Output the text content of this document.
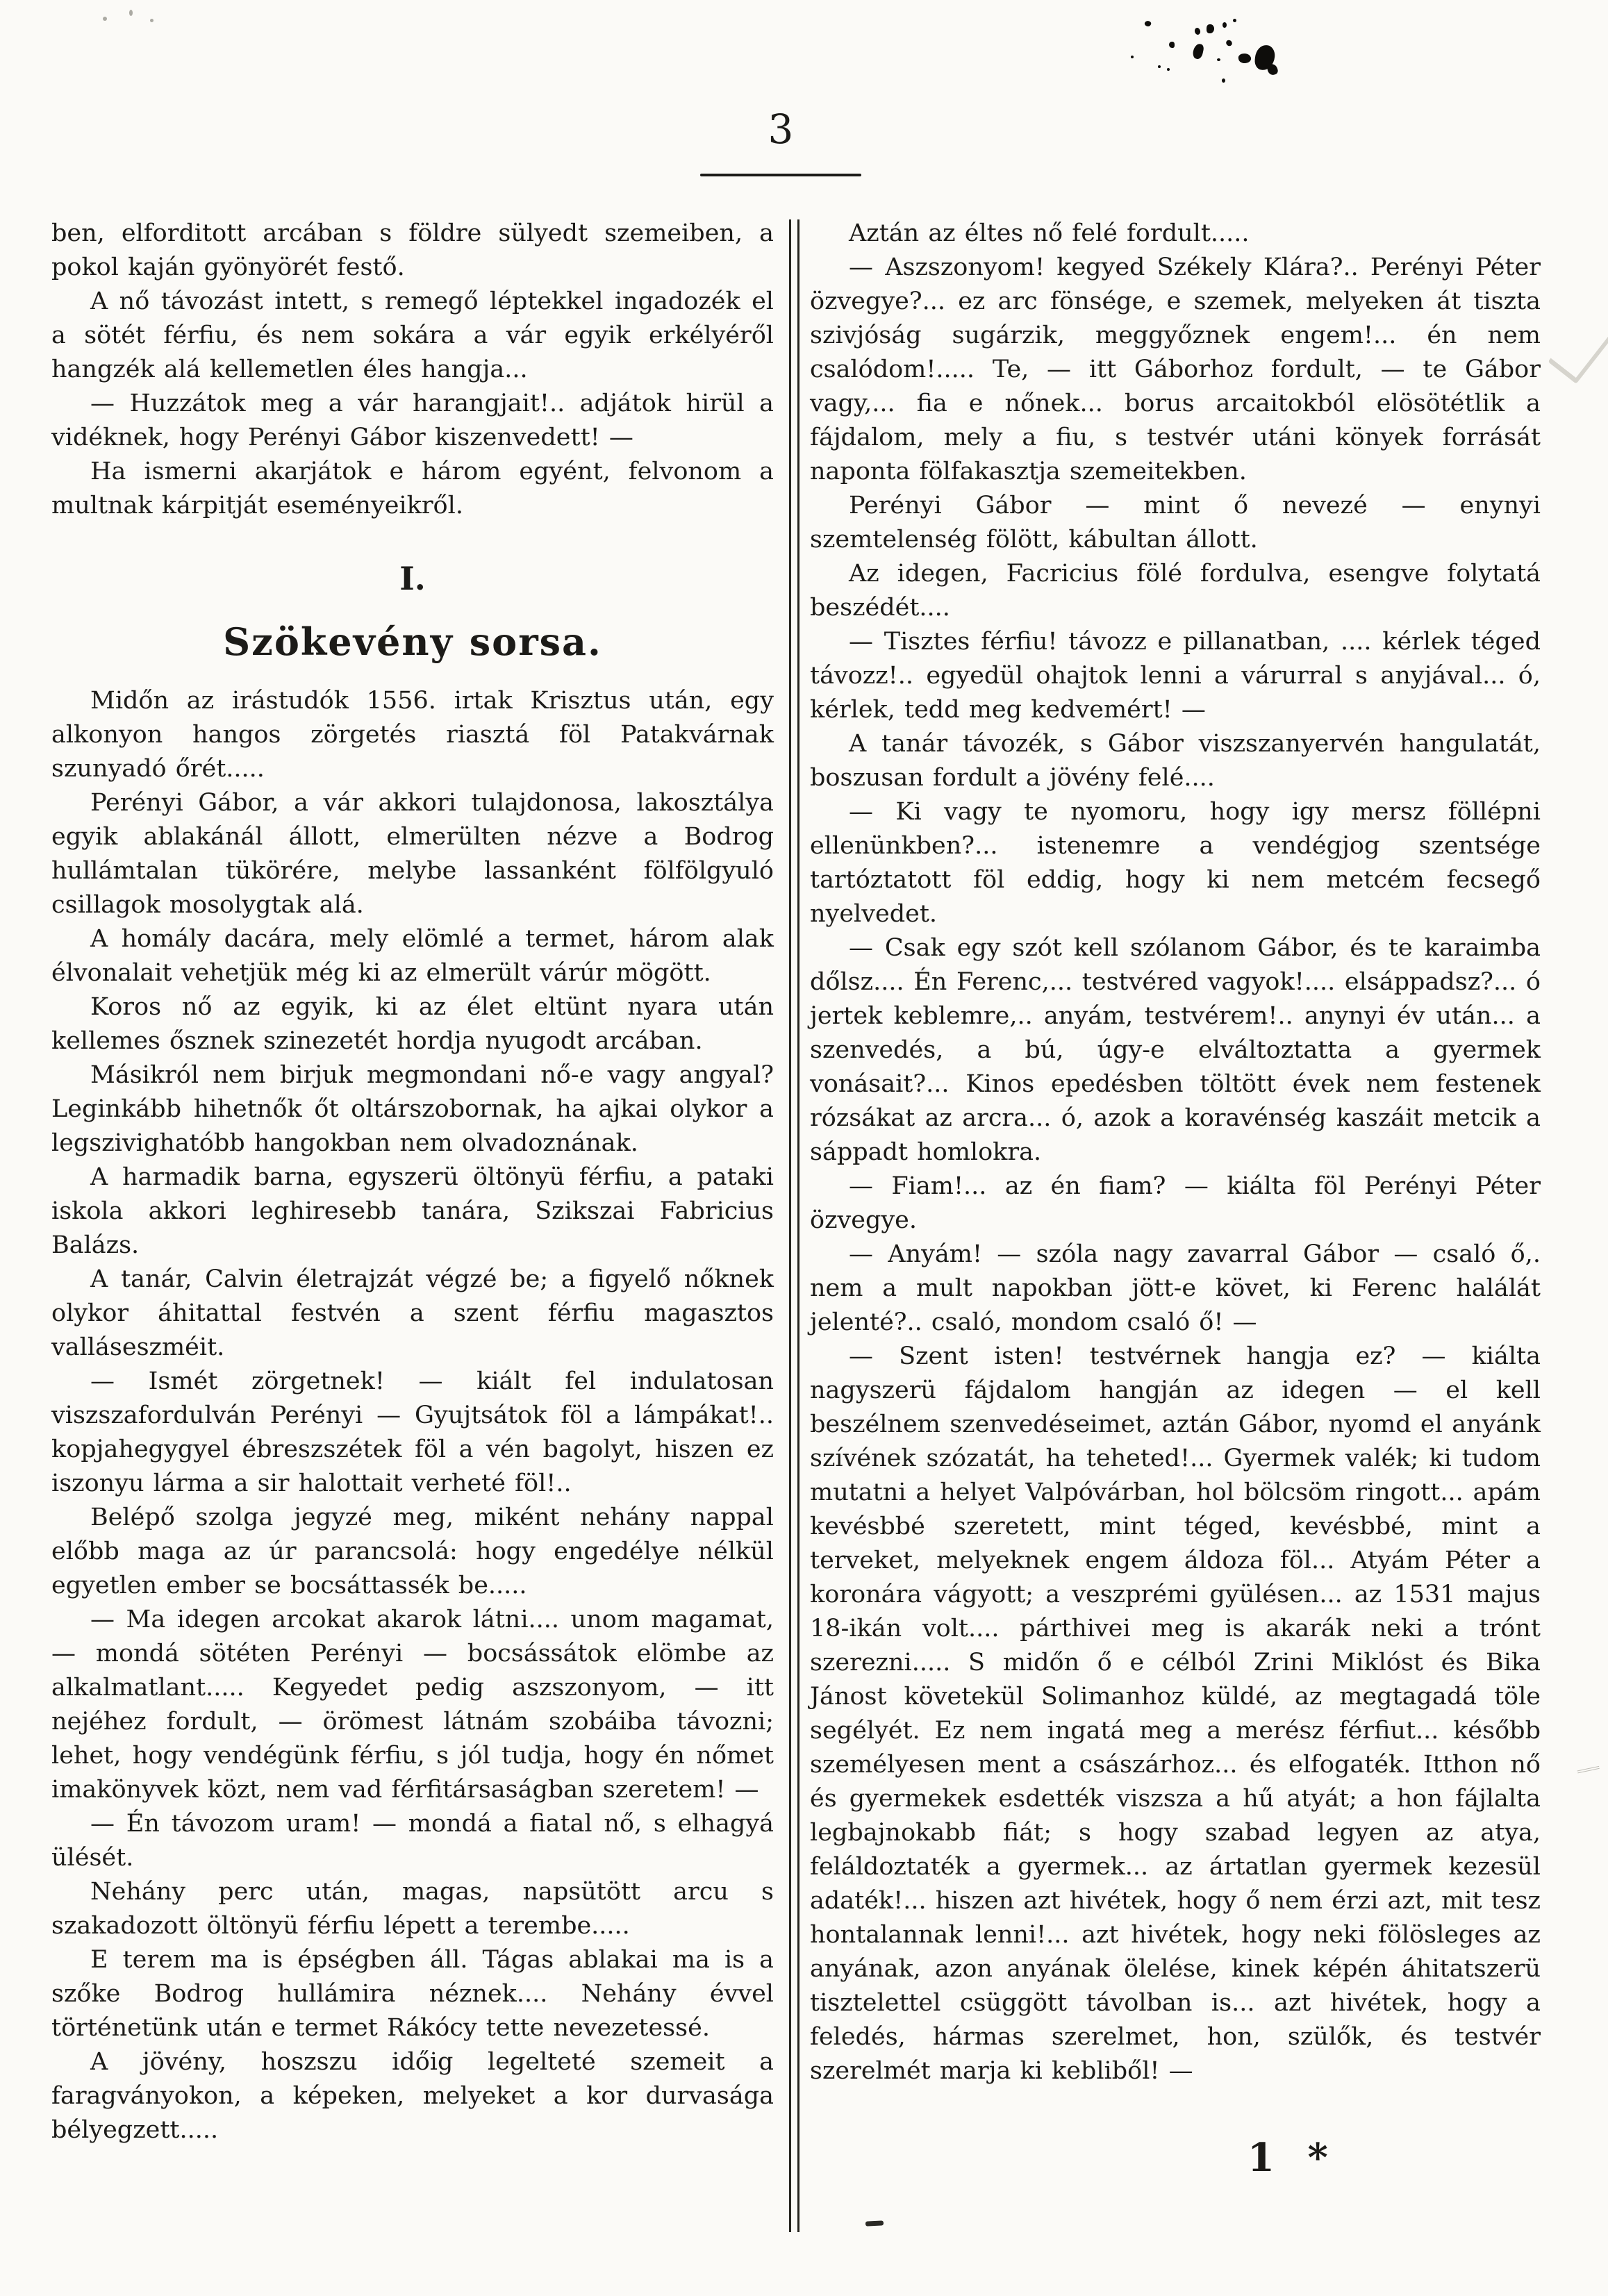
3

ben, elforditott arcában s földre sülyedt szemeiben, a pokol kaján gyönyörét festő.

A nő távozást intett, s remegő léptekkel ingadozék el a sötét férfiu, és nem sokára a vár egyik erkélyéről hangzék alá kellemetlen éles hangja...

— Huzzátok meg a vár harangjait!.. adjátok hirül a vidéknek, hogy Perényi Gábor kiszenvedett! —

Ha ismerni akarjátok e három egyént, felvonom a multnak kárpitját eseményeikről.

I.
Szökevény sorsa.

Midőn az irástudók 1556. irtak Krisztus után, egy alkonyon hangos zörgetés riasztá föl Patakvárnak szunyadó őrét.....

Perényi Gábor, a vár akkori tulajdonosa, lakosztálya egyik ablakánál állott, elmerülten nézve a Bodrog hullámtalan tükörére, melybe lassanként fölfölgyuló csillagok mosolygtak alá.

A homály dacára, mely elömlé a termet, három alak élvonalait vehetjük még ki az elmerült várúr mögött.

Koros nő az egyik, ki az élet eltünt nyara után kellemes ősznek szinezetét hordja nyugodt arcában.

Másikról nem birjuk megmondani nő-e vagy angyal? Leginkább hihetnők őt oltárszobornak, ha ajkai olykor a legszivighatóbb hangokban nem olvadoznának.

A harmadik barna, egyszerü öltönyü férfiu, a pataki iskola akkori leghiresebb tanára, Szikszai Fabricius Balázs.

A tanár, Calvin életrajzát végzé be; a figyelő nőknek olykor áhitattal festvén a szent férfiu magasztos valláseszméit.

— Ismét zörgetnek! — kiált fel indulatosan viszszafordulván Perényi — Gyujtsátok föl a lámpákat!.. kopjahegygyel ébreszszétek föl a vén bagolyt, hiszen ez iszonyu lárma a sir halottait verheté föl!..

Belépő szolga jegyzé meg, miként nehány nappal előbb maga az úr parancsolá: hogy engedélye nélkül egyetlen ember se bocsáttassék be.....

— Ma idegen arcokat akarok látni.... unom magamat, — mondá sötéten Perényi — bocsássátok elömbe az alkalmatlant..... Kegyedet pedig aszszonyom, — itt nejéhez fordult, — örömest látnám szobáiba távozni; lehet, hogy vendégünk férfiu, s jól tudja, hogy én nőmet imakönyvek közt, nem vad férfitársaságban szeretem! —

— Én távozom uram! — mondá a fiatal nő, s elhagyá ülését.

Nehány perc után, magas, napsütött arcu s szakadozott öltönyü férfiu lépett a terembe.....

E terem ma is épségben áll. Tágas ablakai ma is a szőke Bodrog hullámira néznek.... Nehány évvel történetünk után e termet Rákócy tette nevezetessé.

A jövény, hoszszu időig legelteté szemeit a faragványokon, a képeken, melyeket a kor durvasága bélyegzett.....

Aztán az éltes nő felé fordult.....

— Aszszonyom! kegyed Székely Klára?.. Perényi Péter özvegye?... ez arc fönsége, e szemek, melyeken át tiszta szivjóság sugárzik, meggyőznek engem!... én nem csalódom!..... Te, — itt Gáborhoz fordult, — te Gábor vagy,... fia e nőnek... borus arcaitokból elösötétlik a fájdalom, mely a fiu, s testvér utáni könyek forrását naponta fölfakasztja szemeitekben.

Perényi Gábor — mint ő nevezé — enynyi szemtelenség fölött, kábultan állott.

Az idegen, Facricius fölé fordulva, esengve folytatá beszédét....

— Tisztes férfiu! távozz e pillanatban, .... kérlek téged távozz!.. egyedül ohajtok lenni a várurral s anyjával... ó, kérlek, tedd meg kedvemért! —

A tanár távozék, s Gábor viszszanyervén hangulatát, boszusan fordult a jövény felé....

— Ki vagy te nyomoru, hogy igy mersz föllépni ellenünkben?... istenemre a vendégjog szentsége tartóztatott föl eddig, hogy ki nem metcém fecsegő nyelvedet.

— Csak egy szót kell szólanom Gábor, és te karaimba dőlsz.... Én Ferenc,... testvéred vagyok!.... elsáppadsz?... ó jertek keblemre,.. anyám, testvérem!.. anynyi év után... a szenvedés, a bú, úgy-e elváltoztatta a gyermek vonásait?... Kinos epedésben töltött évek nem festenek rózsákat az arcra... ó, azok a koravénség kaszáit metcik a sáppadt homlokra.

— Fiam!... az én fiam? — kiálta föl Perényi Péter özvegye.

— Anyám! — szóla nagy zavarral Gábor — csaló ő,. nem a mult napokban jött-e követ, ki Ferenc halálát jelenté?.. csaló, mondom csaló ő! —

— Szent isten! testvérnek hangja ez? — kiálta nagyszerü fájdalom hangján az idegen — el kell beszélnem szenvedéseimet, aztán Gábor, nyomd el anyánk szívének szózatát, ha teheted!... Gyermek valék; ki tudom mutatni a helyet Valpóvárban, hol bölcsöm ringott... apám kevésbbé szeretett, mint téged, kevésbbé, mint a terveket, melyeknek engem áldoza föl... Atyám Péter a koronára vágyott; a veszprémi gyülésen... az 1531 majus 18-ikán volt.... párthivei meg is akarák neki a trónt szerezni..... S midőn ő e célból Zrini Miklóst és Bika Jánost követekül Solimanhoz küldé, az megtagadá töle segélyét. Ez nem ingatá meg a merész férfiut... később személyesen ment a császárhoz... és elfogaték. Itthon nő és gyermekek esdették viszsza a hű atyát; a hon fájlalta legbajnokabb fiát; s hogy szabad legyen az atya, feláldoztaték a gyermek... az ártatlan gyermek kezesül adaték!... hiszen azt hivétek, hogy ő nem érzi azt, mit tesz hontalannak lenni!... azt hivétek, hogy neki fölösleges az anyának, azon anyának ölelése, kinek képén áhitatszerü tisztelettel csüggött távolban is... azt hivétek, hogy a feledés, hármas szerelmet, hon, szülők, és testvér szerelmét marja ki kebliből! —

1 *
